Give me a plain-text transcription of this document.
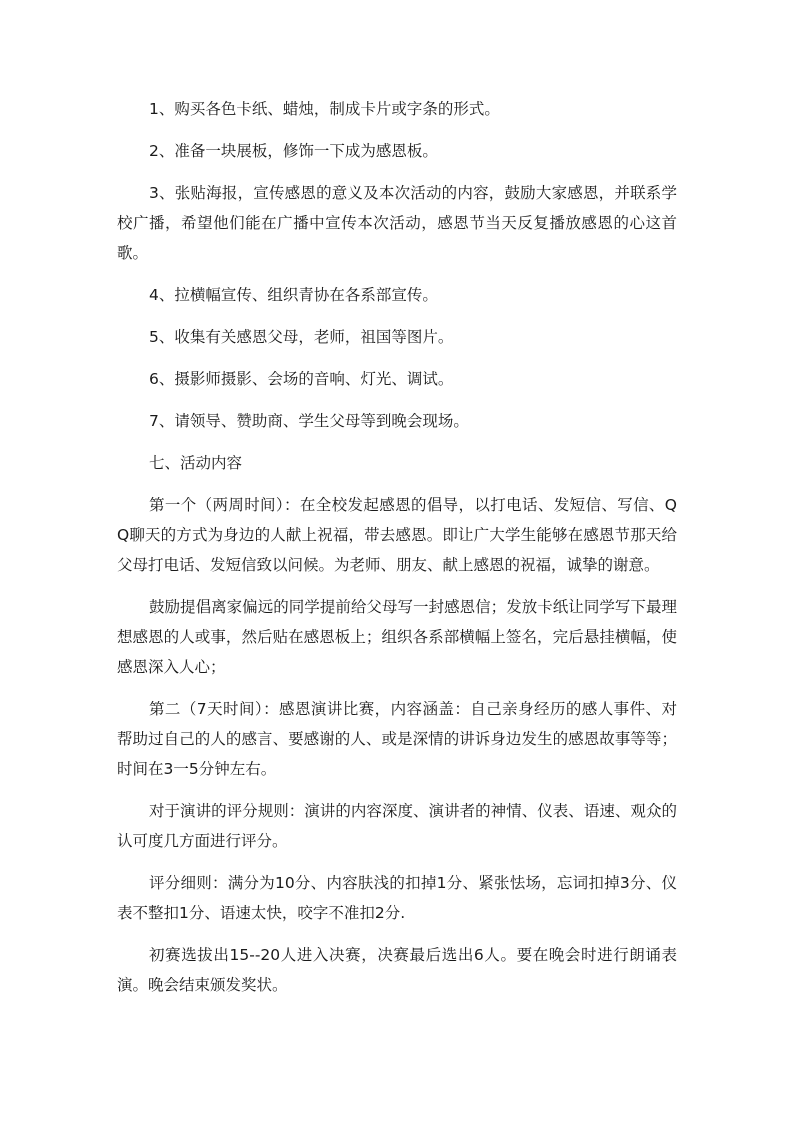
1、购买各色卡纸、蜡烛，制成卡片或字条的形式。

2、准备一块展板，修饰一下成为感恩板。

3、张贴海报，宣传感恩的意义及本次活动的内容，鼓励大家感恩，并联系学校广播，希望他们能在广播中宣传本次活动，感恩节当天反复播放感恩的心这首歌。

4、拉横幅宣传、组织青协在各系部宣传。

5、收集有关感恩父母，老师，祖国等图片。

6、摄影师摄影、会场的音响、灯光、调试。

7、请领导、赞助商、学生父母等到晚会现场。

七、活动内容

第一个（两周时间）：在全校发起感恩的倡导，以打电话、发短信、写信、QQ聊天的方式为身边的人献上祝福，带去感恩。即让广大学生能够在感恩节那天给父母打电话、发短信致以问候。为老师、朋友、献上感恩的祝福，诚挚的谢意。

鼓励提倡离家偏远的同学提前给父母写一封感恩信；发放卡纸让同学写下最理想感恩的人或事，然后贴在感恩板上；组织各系部横幅上签名，完后悬挂横幅，使感恩深入人心；

第二（7天时间）：感恩演讲比赛，内容涵盖：自己亲身经历的感人事件、对帮助过自己的人的感言、要感谢的人、或是深情的讲诉身边发生的感恩故事等等；时间在3一5分钟左右。

对于演讲的评分规则：演讲的内容深度、演讲者的神情、仪表、语速、观众的认可度几方面进行评分。

评分细则：满分为10分、内容肤浅的扣掉1分、紧张怯场，忘词扣掉3分、仪表不整扣1分、语速太快，咬字不准扣2分.

初赛选拔出15--20人进入决赛，决赛最后选出6人。要在晚会时进行朗诵表演。晚会结束颁发奖状。
